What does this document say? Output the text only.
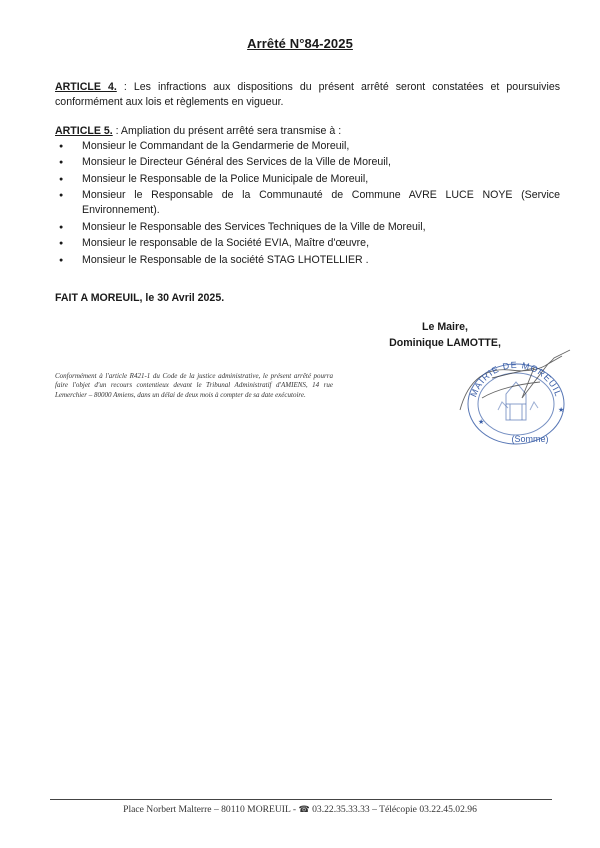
Arrêté N°84-2025
ARTICLE 4. : Les infractions aux dispositions du présent arrêté seront constatées et poursuivies conformément aux lois et règlements en vigueur.
ARTICLE 5. : Ampliation du présent arrêté sera transmise à :
● Monsieur le Commandant de la Gendarmerie de Moreuil,
● Monsieur le Directeur Général des Services de la Ville de Moreuil,
● Monsieur le Responsable de la Police Municipale de Moreuil,
● Monsieur le Responsable de la Communauté de Commune AVRE LUCE NOYE (Service Environnement).
● Monsieur le Responsable des Services Techniques de la Ville de Moreuil,
● Monsieur le responsable de la Société EVIA, Maître d'œuvre,
● Monsieur le Responsable de la société STAG LHOTELLIER .
FAIT A MOREUIL, le 30 Avril 2025.
Le Maire,
Dominique LAMOTTE,
Conformément à l'article R421-1 du Code de la justice administrative, le présent arrêté pourra faire l'objet d'un recours contentieux devant le Tribunal Administratif d'AMIENS, 14 rue Lemerchier – 80000 Amiens, dans un délai de deux mois à compter de sa date exécutoire.	MAIRIE DE MOREUIL
(Somme)
★
★
Place Norbert Malterre – 80110 MOREUIL - ☎ 03.22.35.33.33 – Télécopie 03.22.45.02.96
